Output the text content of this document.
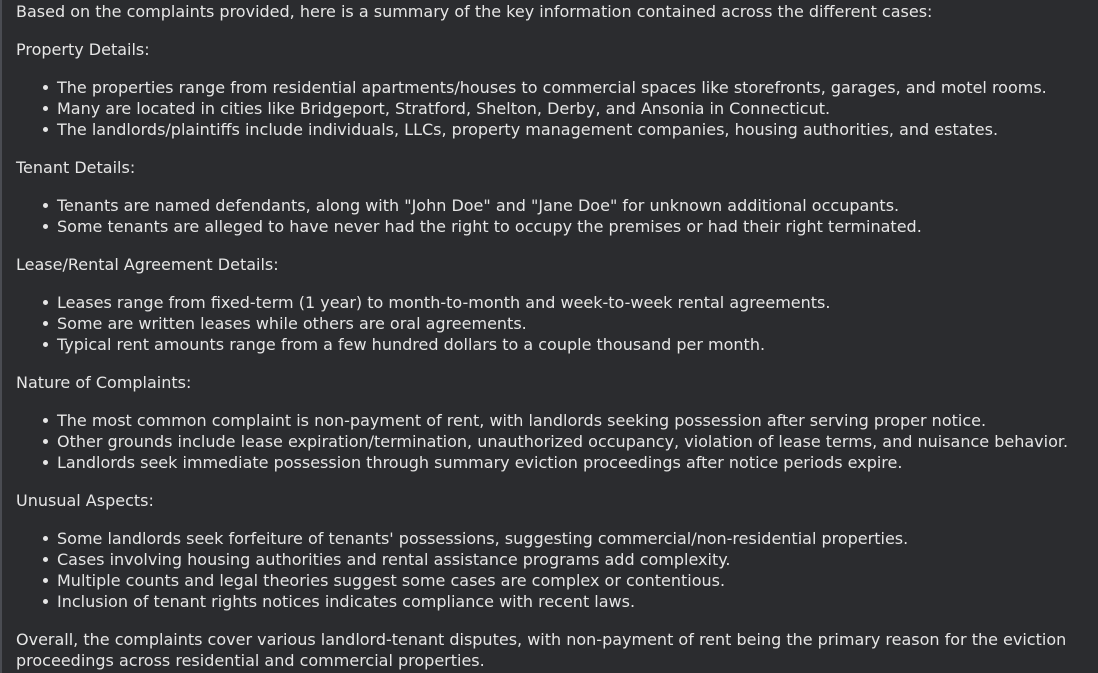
Based on the complaints provided, here is a summary of the key information contained across the different cases:

Property Details:

The properties range from residential apartments/houses to commercial spaces like storefronts, garages, and motel rooms.
Many are located in cities like Bridgeport, Stratford, Shelton, Derby, and Ansonia in Connecticut.
The landlords/plaintiffs include individuals, LLCs, property management companies, housing authorities, and estates.

Tenant Details:

Tenants are named defendants, along with "John Doe" and "Jane Doe" for unknown additional occupants.
Some tenants are alleged to have never had the right to occupy the premises or had their right terminated.

Lease/Rental Agreement Details:

Leases range from fixed-term (1 year) to month-to-month and week-to-week rental agreements.
Some are written leases while others are oral agreements.
Typical rent amounts range from a few hundred dollars to a couple thousand per month.

Nature of Complaints:

The most common complaint is non-payment of rent, with landlords seeking possession after serving proper notice.
Other grounds include lease expiration/termination, unauthorized occupancy, violation of lease terms, and nuisance behavior.
Landlords seek immediate possession through summary eviction proceedings after notice periods expire.

Unusual Aspects:

Some landlords seek forfeiture of tenants' possessions, suggesting commercial/non-residential properties.
Cases involving housing authorities and rental assistance programs add complexity.
Multiple counts and legal theories suggest some cases are complex or contentious.
Inclusion of tenant rights notices indicates compliance with recent laws.

Overall, the complaints cover various landlord-tenant disputes, with non-payment of rent being the primary reason for the eviction proceedings across residential and commercial properties.
